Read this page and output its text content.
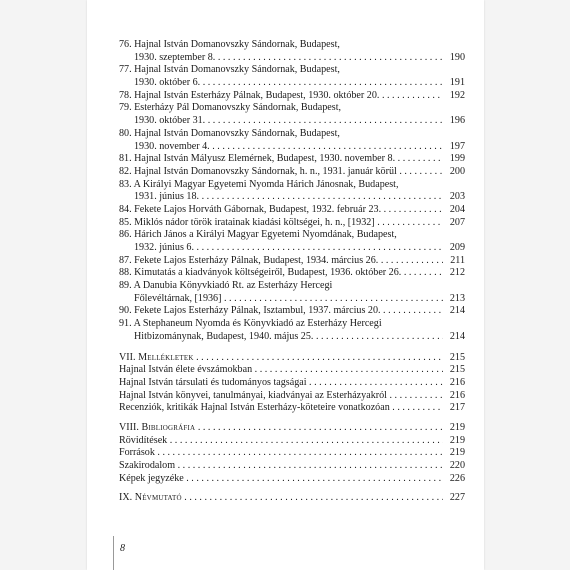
76. Hajnal István Domanovszky Sándornak, Budapest,
1930. szeptember 8. . . .	190
77. Hajnal István Domanovszky Sándornak, Budapest,
1930. október 6. . . .	191
78. Hajnal István Esterházy Pálnak, Budapest, 1930. október 20. . . .	192
79. Esterházy Pál Domanovszky Sándornak, Budapest,
1930. október 31. . . .	196
80. Hajnal István Domanovszky Sándornak, Budapest,
1930. november 4. . . .	197
81. Hajnal István Mályusz Elemérnek, Budapest, 1930. november 8. . . .	199
82. Hajnal István Domanovszky Sándornak, h. n., 1931. január körül . . .	200
83. A Királyi Magyar Egyetemi Nyomda Hárich Jánosnak, Budapest,
1931. június 18. . . .	203
84. Fekete Lajos Horváth Gábornak, Budapest, 1932. február 23. . . .	204
85. Miklós nádor török iratainak kiadási költségei, h. n., [1932] . . .	207
86. Hárich János a Királyi Magyar Egyetemi Nyomdának, Budapest,
1932. június 6. . . .	209
87. Fekete Lajos Esterházy Pálnak, Budapest, 1934. március 26. . . .	211
88. Kimutatás a kiadványok költségeiről, Budapest, 1936. október 26. . . .	212
89. A Danubia Könyvkiadó Rt. az Esterházy Hercegi
Főlevéltárnak, [1936] . . .	213
90. Fekete Lajos Esterházy Pálnak, Isztambul, 1937. március 20. . . .	214
91. A Stephaneum Nyomda és Könyvkiadó az Esterházy Hercegi
Hitbizománynak, Budapest, 1940. május 25. . . .	214
VII. Mellékletek . . .	215
Hajnal István élete évszámokban . . .	215
Hajnal István társulati és tudományos tagságai . . .	216
Hajnal István könyvei, tanulmányai, kiadványai az Esterházyakról . . .	216
Recenziók, kritikák Hajnal István Esterházy-köteteire vonatkozóan . . .	217
VIII. Bibliográfia . . .	219
Rövidítések . . .	219
Források . . .	219
Szakirodalom . . .	220
Képek jegyzéke . . .	226
IX. Névmutató . . .	227
8
